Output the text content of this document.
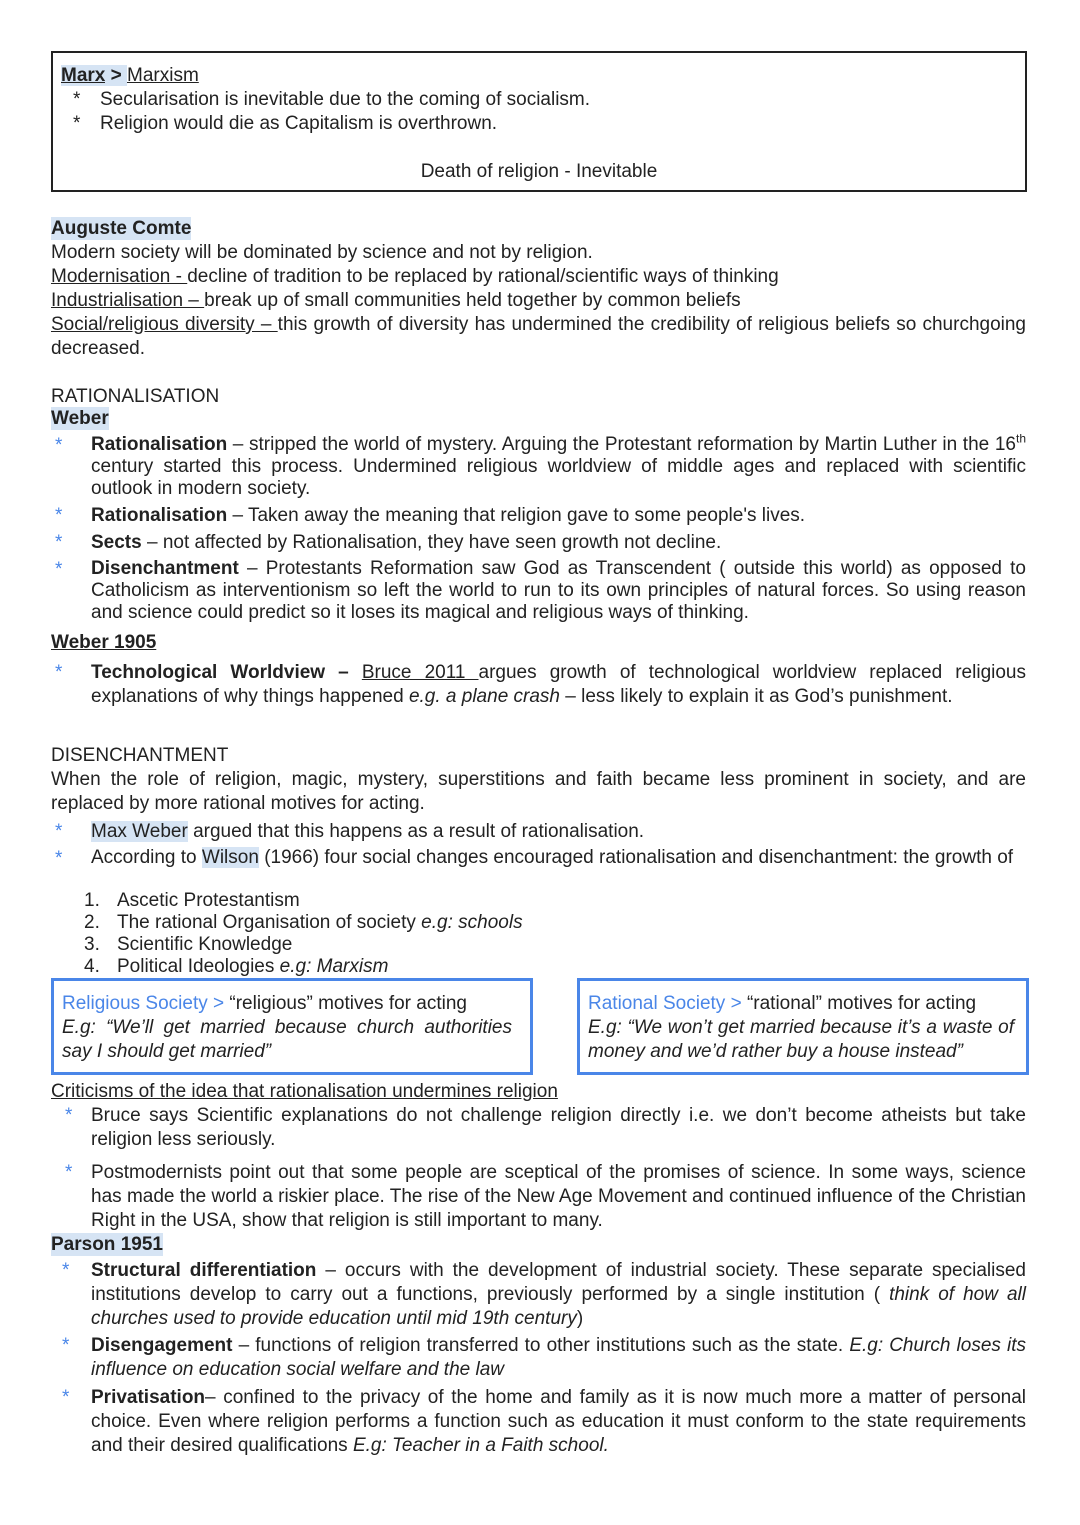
Marx > Marxism
* Secularisation is inevitable due to the coming of socialism.
* Religion would die as Capitalism is overthrown.
Death of religion - Inevitable
Auguste Comte
Modern society will be dominated by science and not by religion.
Modernisation - decline of tradition to be replaced by rational/scientific ways of thinking
Industrialisation – break up of small communities held together by common beliefs
Social/religious diversity – this growth of diversity has undermined the credibility of religious beliefs so churchgoing decreased.
RATIONALISATION
Weber
* Rationalisation – stripped the world of mystery. Arguing the Protestant reformation by Martin Luther in the 16th century started this process. Undermined religious worldview of middle ages and replaced with scientific outlook in modern society.
* Rationalisation – Taken away the meaning that religion gave to some people's lives.
* Sects – not affected by Rationalisation, they have seen growth not decline.
* Disenchantment – Protestants Reformation saw God as Transcendent ( outside this world) as opposed to Catholicism as interventionism so left the world to run to its own principles of natural forces. So using reason and science could predict so it loses its magical and religious ways of thinking.
Weber 1905
* Technological Worldview – Bruce 2011 argues growth of technological worldview replaced religious explanations of why things happened e.g. a plane crash – less likely to explain it as God’s punishment.
DISENCHANTMENT
When the role of religion, magic, mystery, superstitions and faith became less prominent in society, and are replaced by more rational motives for acting.
* Max Weber argued that this happens as a result of rationalisation.
* According to Wilson (1966) four social changes encouraged rationalisation and disenchantment: the growth of
1. Ascetic Protestantism
2. The rational Organisation of society e.g: schools
3. Scientific Knowledge
4. Political Ideologies e.g: Marxism
Religious Society > “religious” motives for acting
E.g: “We’ll get married because church authorities say I should get married”
Rational Society > “rational” motives for acting
E.g: “We won’t get married because it’s a waste of money and we’d rather buy a house instead”
Criticisms of the idea that rationalisation undermines religion
* Bruce says Scientific explanations do not challenge religion directly i.e. we don’t become atheists but take religion less seriously.
* Postmodernists point out that some people are sceptical of the promises of science. In some ways, science has made the world a riskier place. The rise of the New Age Movement and continued influence of the Christian Right in the USA, show that religion is still important to many.
Parson 1951
* Structural differentiation – occurs with the development of industrial society. These separate specialised institutions develop to carry out a functions, previously performed by a single institution ( think of how all churches used to provide education until mid 19th century)
* Disengagement – functions of religion transferred to other institutions such as the state. E.g: Church loses its influence on education social welfare and the law
* Privatisation– confined to the privacy of the home and family as it is now much more a matter of personal choice. Even where religion performs a function such as education it must conform to the state requirements and their desired qualifications E.g: Teacher in a Faith school.
